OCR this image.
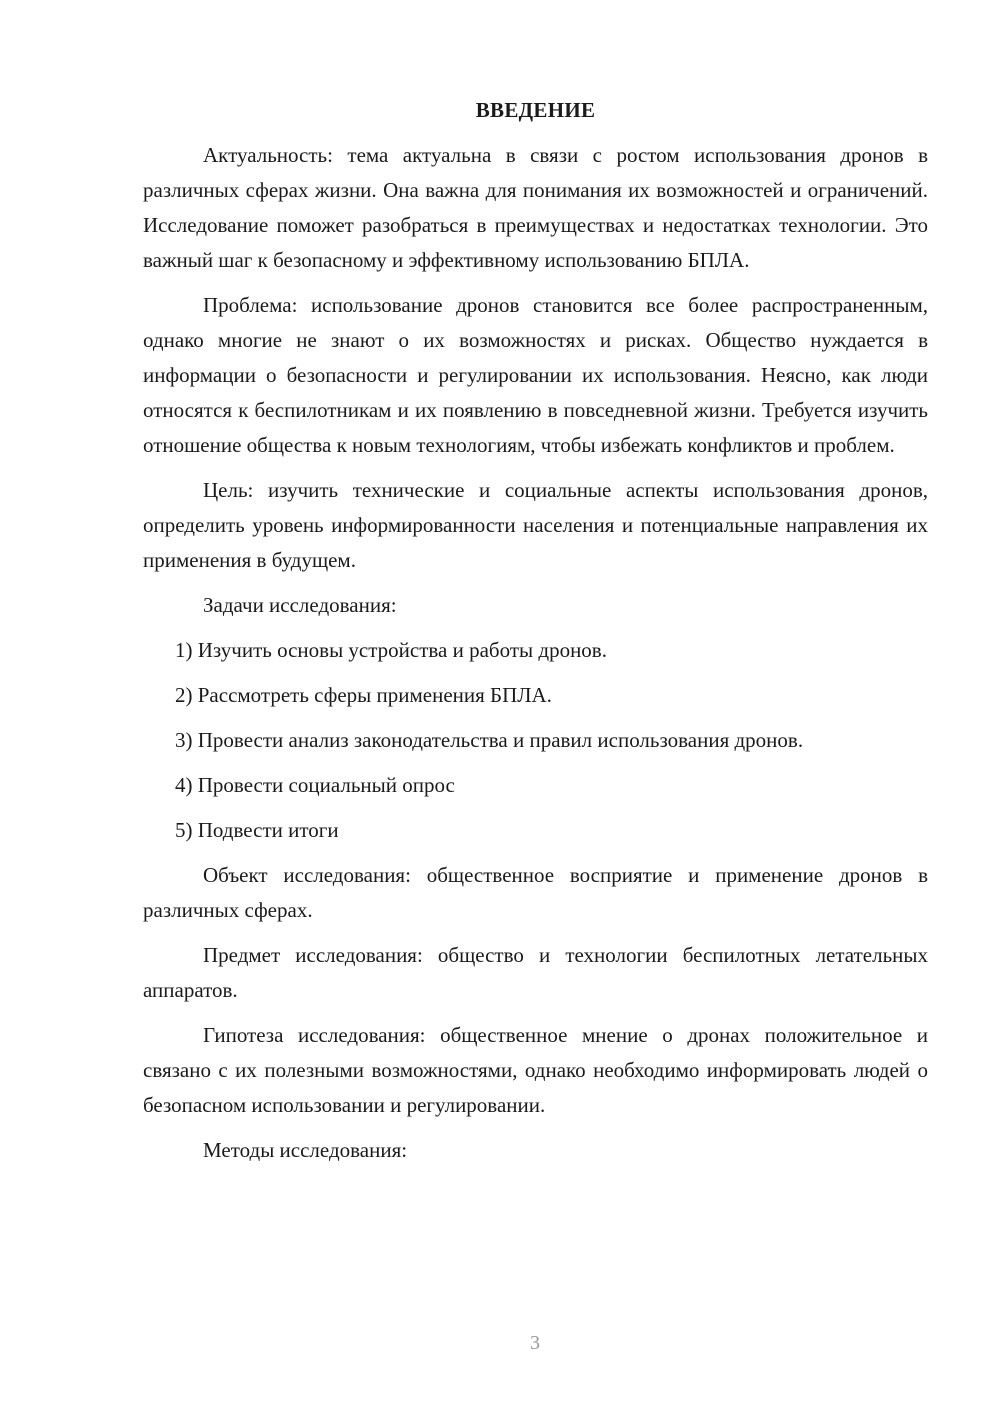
ВВЕДЕНИЕ

Актуальность: тема актуальна в связи с ростом использования дронов в различных сферах жизни. Она важна для понимания их возможностей и ограничений. Исследование поможет разобраться в преимуществах и недостатках технологии. Это важный шаг к безопасному и эффективному использованию БПЛА.

Проблема: использование дронов становится все более распространенным, однако многие не знают о их возможностях и рисках. Общество нуждается в информации о безопасности и регулировании их использования. Неясно, как люди относятся к беспилотникам и их появлению в повседневной жизни. Требуется изучить отношение общества к новым технологиям, чтобы избежать конфликтов и проблем.

Цель: изучить технические и социальные аспекты использования дронов, определить уровень информированности населения и потенциальные направления их применения в будущем.

Задачи исследования:

1) Изучить основы устройства и работы дронов.
2) Рассмотреть сферы применения БПЛА.
3) Провести анализ законодательства и правил использования дронов.
4) Провести социальный опрос
5) Подвести итоги

Объект исследования: общественное восприятие и применение дронов в различных сферах.

Предмет исследования: общество и технологии беспилотных летательных аппаратов.

Гипотеза исследования: общественное мнение о дронах положительное и связано с их полезными возможностями, однако необходимо информировать людей о безопасном использовании и регулировании.

Методы исследования:

3
